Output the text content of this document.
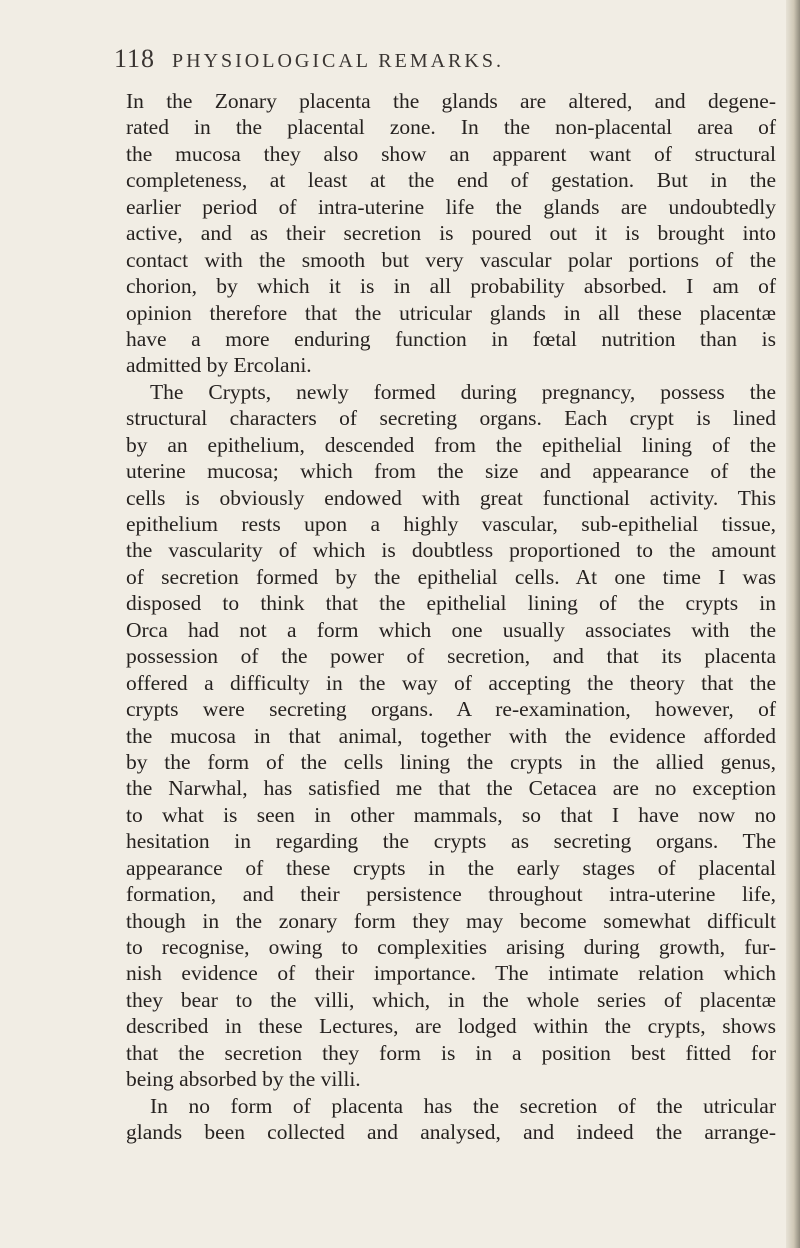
118 PHYSIOLOGICAL REMARKS.
In the Zonary placenta the glands are altered, and degene-
rated in the placental zone. In the non-placental area of
the mucosa they also show an apparent want of structural
completeness, at least at the end of gestation. But in the
earlier period of intra-uterine life the glands are undoubtedly
active, and as their secretion is poured out it is brought into
contact with the smooth but very vascular polar portions of the
chorion, by which it is in all probability absorbed. I am of
opinion therefore that the utricular glands in all these placentæ
have a more enduring function in fœtal nutrition than is
admitted by Ercolani.
The Crypts, newly formed during pregnancy, possess the
structural characters of secreting organs. Each crypt is lined
by an epithelium, descended from the epithelial lining of the
uterine mucosa; which from the size and appearance of the
cells is obviously endowed with great functional activity. This
epithelium rests upon a highly vascular, sub-epithelial tissue,
the vascularity of which is doubtless proportioned to the amount
of secretion formed by the epithelial cells. At one time I was
disposed to think that the epithelial lining of the crypts in
Orca had not a form which one usually associates with the
possession of the power of secretion, and that its placenta
offered a difficulty in the way of accepting the theory that the
crypts were secreting organs. A re-examination, however, of
the mucosa in that animal, together with the evidence afforded
by the form of the cells lining the crypts in the allied genus,
the Narwhal, has satisfied me that the Cetacea are no exception
to what is seen in other mammals, so that I have now no
hesitation in regarding the crypts as secreting organs. The
appearance of these crypts in the early stages of placental
formation, and their persistence throughout intra-uterine life,
though in the zonary form they may become somewhat difficult
to recognise, owing to complexities arising during growth, fur-
nish evidence of their importance. The intimate relation which
they bear to the villi, which, in the whole series of placentæ
described in these Lectures, are lodged within the crypts, shows
that the secretion they form is in a position best fitted for
being absorbed by the villi.
In no form of placenta has the secretion of the utricular
glands been collected and analysed, and indeed the arrange-
